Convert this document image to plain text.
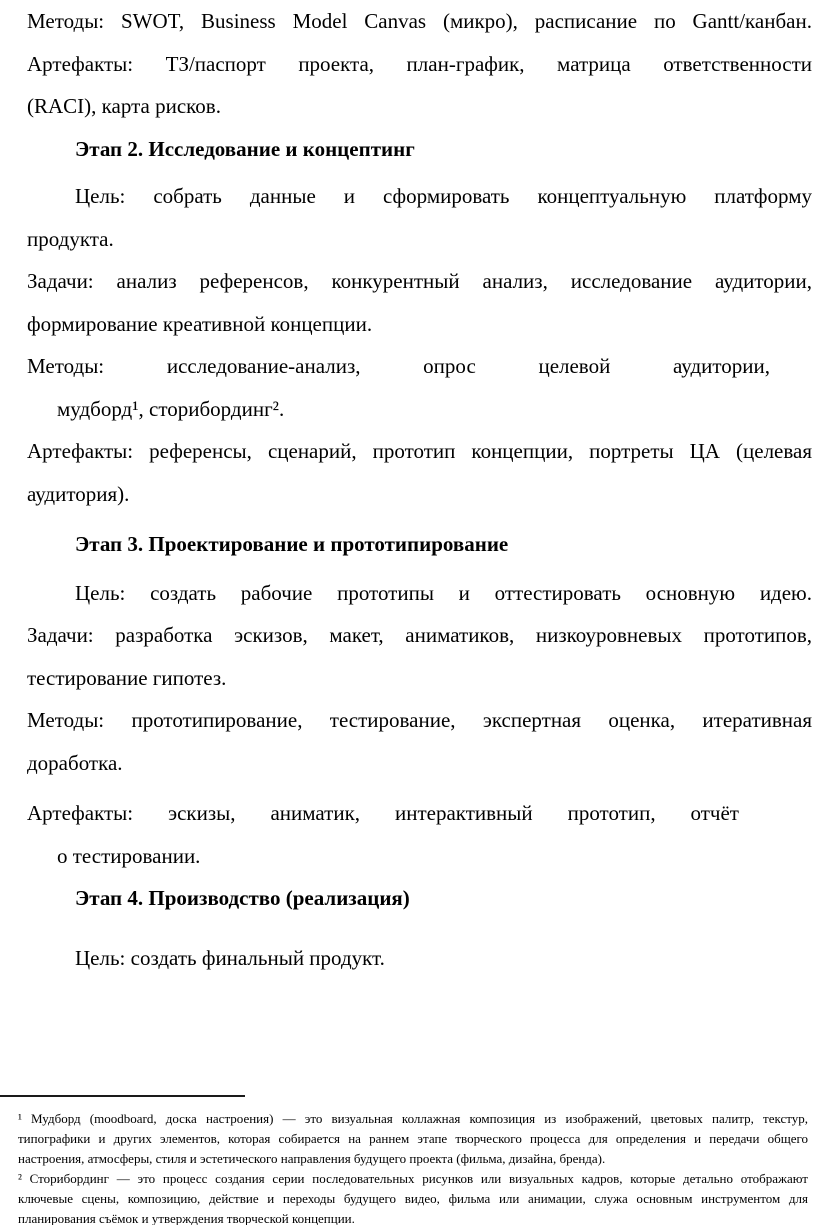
Методы: SWOT, Business Model Canvas (микро), расписание по Gantt/канбан.
Артефакты: ТЗ/паспорт проекта, план-график, матрица ответственности
(RACI), карта рисков.
Этап 2. Исследование и концептинг
Цель: собрать данные и сформировать концептуальную платформу
продукта.
Задачи: анализ референсов, конкурентный анализ, исследование аудитории,
формирование креативной концепции.
Методы: исследование-анализ, опрос целевой аудитории,
мудборд¹, сторибординг².
Артефакты: референсы, сценарий, прототип концепции, портреты ЦА (целевая
аудитория).
Этап 3. Проектирование и прототипирование
Цель: создать рабочие прототипы и оттестировать основную идею.
Задачи: разработка эскизов, макет, аниматиков, низкоуровневых прототипов,
тестирование гипотез.
Методы: прототипирование, тестирование, экспертная оценка, итеративная
доработка.
Артефакты: эскизы, аниматик, интерактивный прототип, отчёт
о тестировании.
Этап 4. Производство (реализация)
Цель: создать финальный продукт.
¹ Мудборд (moodboard, доска настроения) — это визуальная коллажная композиция из изображений, цветовых палитр, текстур,
типографики и других элементов, которая собирается на раннем этапе творческого процесса для определения и передачи общего
настроения, атмосферы, стиля и эстетического направления будущего проекта (фильма, дизайна, бренда).
² Сторибординг — это процесс создания серии последовательных рисунков или визуальных кадров, которые детально отображают
ключевые сцены, композицию, действие и переходы будущего видео, фильма или анимации, служа основным инструментом для
планирования съёмок и утверждения творческой концепции.
